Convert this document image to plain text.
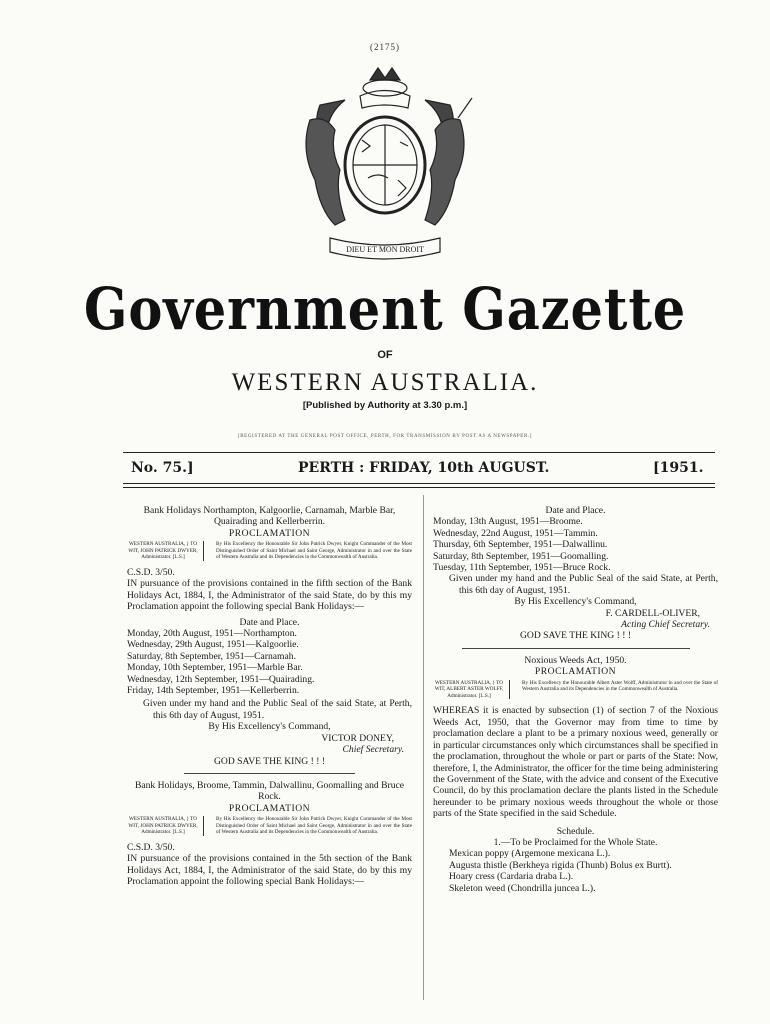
(2175)
DIEU ET MON DROIT
Government Gazette
OF
WESTERN AUSTRALIA.
[Published by Authority at 3.30 p.m.]
[REGISTERED AT THE GENERAL POST OFFICE, PERTH, FOR TRANSMISSION BY POST AS A NEWSPAPER.]
No. 75.]	PERTH : FRIDAY, 10th AUGUST.	[1951.

Bank Holidays Northampton, Kalgoorlie, Carnamah, Marble Bar, Quairading and Kellerberrin.

PROCLAMATION

WESTERN AUSTRALIA, } TO WIT, JOHN PATRICK DWYER, Administrator. [L.S.]
By His Excellency the Honourable Sir John Patrick Dwyer, Knight Commander of the Most Distinguished Order of Saint Michael and Saint George, Administrator in and over the State of Western Australia and its Dependencies in the Commonwealth of Australia.

C.S.D. 3/50.

IN pursuance of the provisions contained in the fifth section of the Bank Holidays Act, 1884, I, the Administrator of the said State, do by this my Proclamation appoint the following special Bank Holidays:—

Date and Place.

Monday, 20th August, 1951—Northampton.

Wednesday, 29th August, 1951—Kalgoorlie.

Saturday, 8th September, 1951—Carnamah.

Monday, 10th September, 1951—Marble Bar.

Wednesday, 12th September, 1951—Quairading.

Friday, 14th September, 1951—Kellerberrin.

Given under my hand and the Public Seal of the said State, at Perth, this 6th day of August, 1951.

By His Excellency's Command,

VICTOR DONEY,

Chief Secretary.

GOD SAVE THE KING ! ! !

Bank Holidays, Broome, Tammin, Dalwallinu, Goomalling and Bruce Rock.

PROCLAMATION

WESTERN AUSTRALIA, } TO WIT, JOHN PATRICK DWYER, Administrator. [L.S.]
By His Excellency the Honourable Sir John Patrick Dwyer, Knight Commander of the Most Distinguished Order of Saint Michael and Saint George, Administrator in and over the State of Western Australia and its Dependencies in the Commonwealth of Australia.

C.S.D. 3/50.

IN pursuance of the provisions contained in the 5th section of the Bank Holidays Act, 1884, I, the Administrator of the said State, do by this my Proclamation appoint the following special Bank Holidays:—

Date and Place.

Monday, 13th August, 1951—Broome.

Wednesday, 22nd August, 1951—Tammin.

Thursday, 6th September, 1951—Dalwallinu.

Saturday, 8th September, 1951—Goomalling.

Tuesday, 11th September, 1951—Bruce Rock.

Given under my hand and the Public Seal of the said State, at Perth, this 6th day of August, 1951.

By His Excellency's Command,

F. CARDELL-OLIVER,

Acting Chief Secretary.

GOD SAVE THE KING ! ! !

Noxious Weeds Act, 1950.

PROCLAMATION

WESTERN AUSTRALIA, } TO WIT, ALBERT ASTER WOLFF, Administrator. [L.S.]
By His Excellency the Honourable Albert Aster Wolff, Administrator in and over the State of Western Australia and its Dependencies in the Commonwealth of Australia.

WHEREAS it is enacted by subsection (1) of section 7 of the Noxious Weeds Act, 1950, that the Governor may from time to time by proclamation declare a plant to be a primary noxious weed, generally or in particular circumstances only which circumstances shall be specified in the proclamation, throughout the whole or part or parts of the State: Now, therefore, I, the Administrator, the officer for the time being administering the Government of the State, with the advice and consent of the Executive Council, do by this proclamation declare the plants listed in the Schedule hereunder to be primary noxious weeds throughout the whole or those parts of the State specified in the said Schedule.

Schedule.

1.—To be Proclaimed for the Whole State.

Mexican poppy (Argemone mexicana L.).

Augusta thistle (Berkheya rigida (Thunb) Bolus ex Burtt).

Hoary cress (Cardaria draba L.).

Skeleton weed (Chondrilla juncea L.).
